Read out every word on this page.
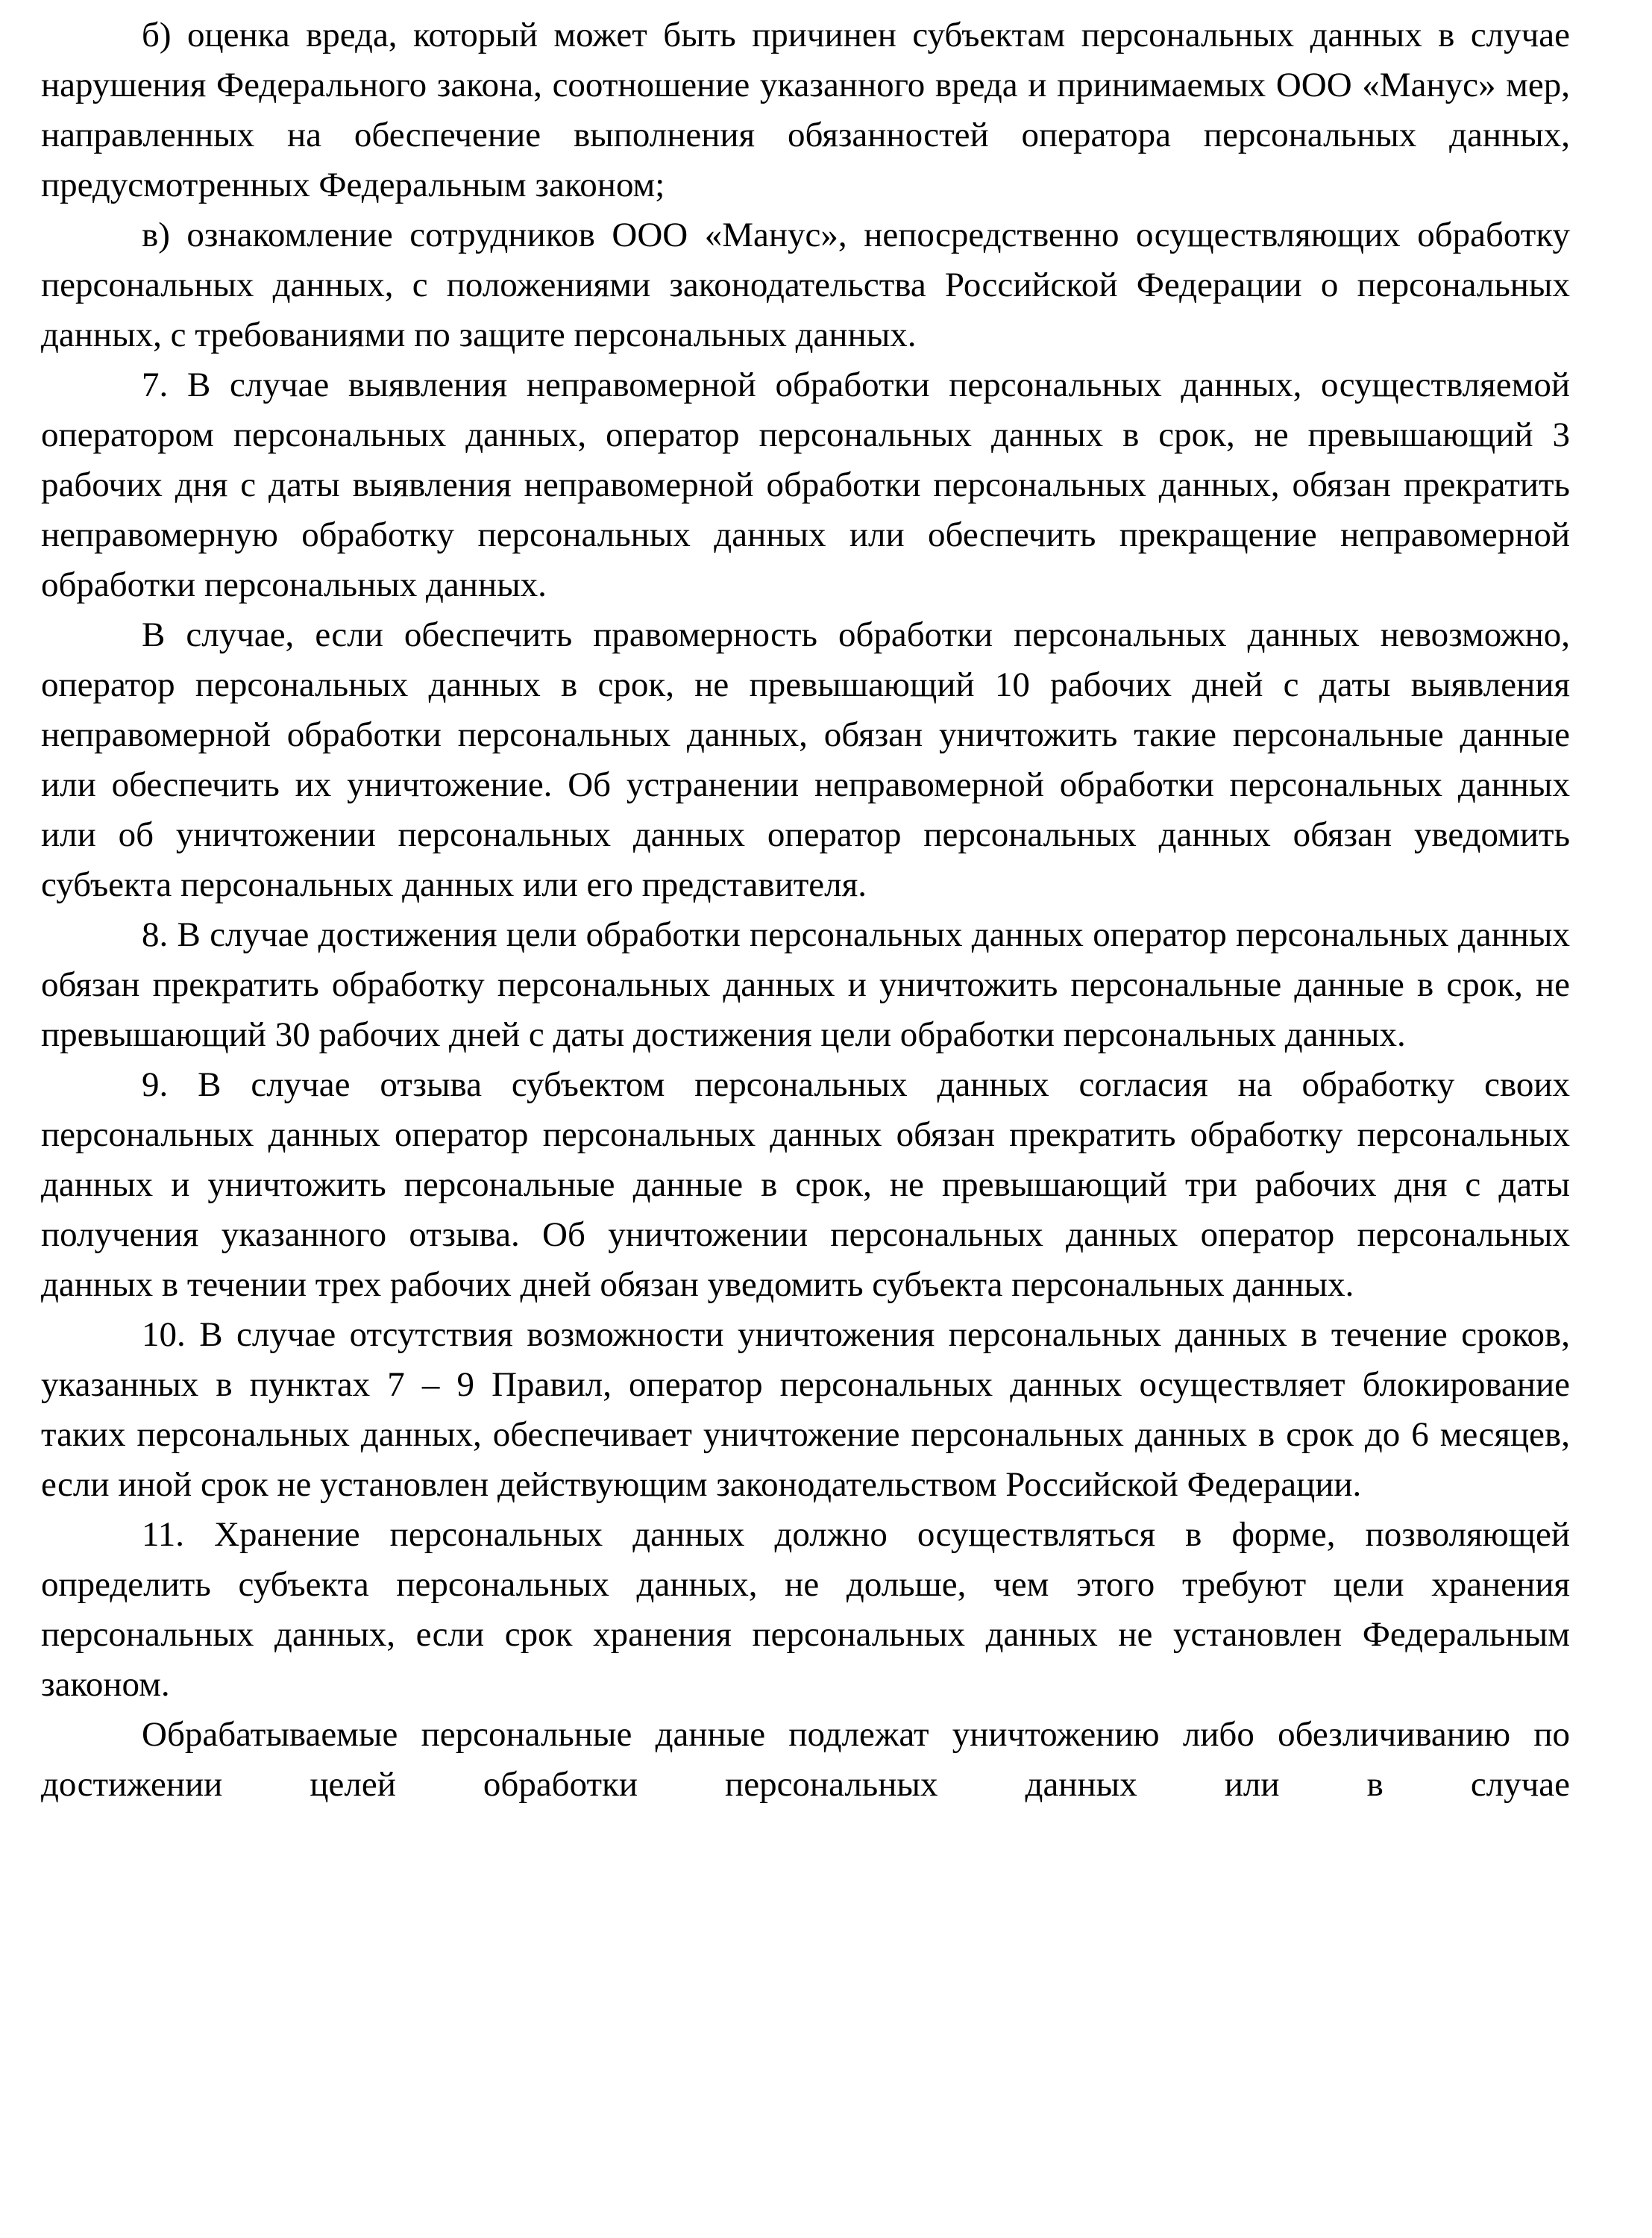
б) оценка вреда, который может быть причинен субъектам персональных данных в случае нарушения Федерального закона, соотношение указанного вреда и принимаемых ООО «Манус» мер, направленных на обеспечение выполнения обязанностей оператора персональных данных, предусмотренных Федеральным законом;

в) ознакомление сотрудников ООО «Манус», непосредственно осуществляющих обработку персональных данных, с положениями законодательства Российской Федерации о персональных данных, с требованиями по защите персональных данных.

7. В случае выявления неправомерной обработки персональных данных, осуществляемой оператором персональных данных, оператор персональных данных в срок, не превышающий 3 рабочих дня с даты выявления неправомерной обработки персональных данных, обязан прекратить неправомерную обработку персональных данных или обеспечить прекращение неправомерной обработки персональных данных.

В случае, если обеспечить правомерность обработки персональных данных невозможно, оператор персональных данных в срок, не превышающий 10 рабочих дней с даты выявления неправомерной обработки персональных данных, обязан уничтожить такие персональные данные или обеспечить их уничтожение. Об устранении неправомерной обработки персональных данных или об уничтожении персональных данных оператор персональных данных обязан уведомить субъекта персональных данных или его представителя.

8. В случае достижения цели обработки персональных данных оператор персональных данных обязан прекратить обработку персональных данных и уничтожить персональные данные в срок, не превышающий 30 рабочих дней с даты достижения цели обработки персональных данных.

9. В случае отзыва субъектом персональных данных согласия на обработку своих персональных данных оператор персональных данных обязан прекратить обработку персональных данных и уничтожить персональные данные в срок, не превышающий три рабочих дня с даты получения указанного отзыва. Об уничтожении персональных данных оператор персональных данных в течении трех рабочих дней обязан уведомить субъекта персональных данных.

10. В случае отсутствия возможности уничтожения персональных данных в течение сроков, указанных в пунктах 7 – 9 Правил, оператор персональных данных осуществляет блокирование таких персональных данных, обеспечивает уничтожение персональных данных в срок до 6 месяцев, если иной срок не установлен действующим законодательством Российской Федерации.

11. Хранение персональных данных должно осуществляться в форме, позволяющей определить субъекта персональных данных, не дольше, чем этого требуют цели хранения персональных данных, если срок хранения персональных данных не установлен Федеральным законом.

Обрабатываемые персональные данные подлежат уничтожению либо обезличиванию по достижении целей обработки персональных данных или в случае
